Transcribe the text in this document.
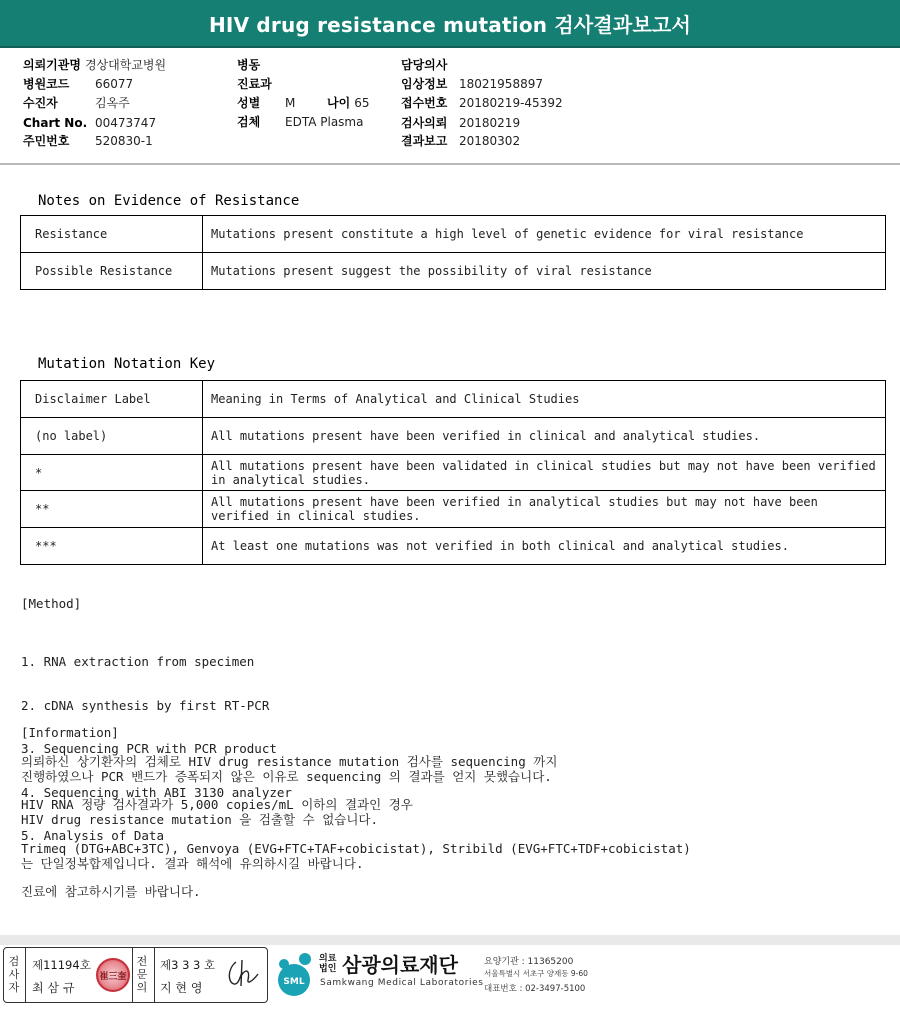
HIV drug resistance mutation 검사결과보고서
의뢰기관명 경상대학교병원
병원코드 66077
수진자	김옥주
Chart No. 00473747
주민번호 520830-1
병동
진료과
성별 M	나이 65
검체 EDTA Plasma
담당의사
임상정보 18021958897
접수번호 20180219-45392
검사의뢰 20180219
결과보고 20180302
Notes on Evidence of Resistance
Resistance	Mutations present constitute a high level of genetic evidence for viral resistance
Possible Resistance	Mutations present suggest the possibility of viral resistance
Mutation Notation Key
Disclaimer Label	Meaning in Terms of Analytical and Clinical Studies
(no label)	All mutations present have been verified in clinical and analytical studies.
*	All mutations present have been validated in clinical studies but may not have been verified in analytical studies.
**	All mutations present have been verified in analytical studies but may not have been verified in clinical studies.
***	At least one mutations was not verified in both clinical and analytical studies.
[Method]

1. RNA extraction from specimen

2. cDNA synthesis by first RT-PCR

3. Sequencing PCR with PCR product

4. Sequencing with ABI 3130 analyzer

5. Analysis of Data

[Information]
의뢰하신 상기환자의 검체로 HIV drug resistance mutation 검사를 sequencing 까지
진행하였으나 PCR 밴드가 증폭되지 않은 이유로 sequencing 의 결과를 얻지 못했습니다.
HIV RNA 정량 검사결과가 5,000 copies/mL 이하의 결과인 경우
HIV drug resistance mutation 을 검출할 수 없습니다.
Trimeq (DTG+ABC+3TC), Genvoya (EVG+FTC+TAF+cobicistat), Stribild (EVG+FTC+TDF+cobicistat)
는 단일정복합제입니다. 결과 해석에 유의하시길 바랍니다.
진료에 참고하시기를 바랍니다.
검
사
자
제11194호
최 삼 규
崔三奎
전
문
의
제3 3 3 호
지 현 영	SML
의료
법인 삼광의료재단
Samkwang Medical Laboratories
요양기관 : 11365200
서울특별시 서초구 양재동 9-60
대표번호 : 02-3497-5100
